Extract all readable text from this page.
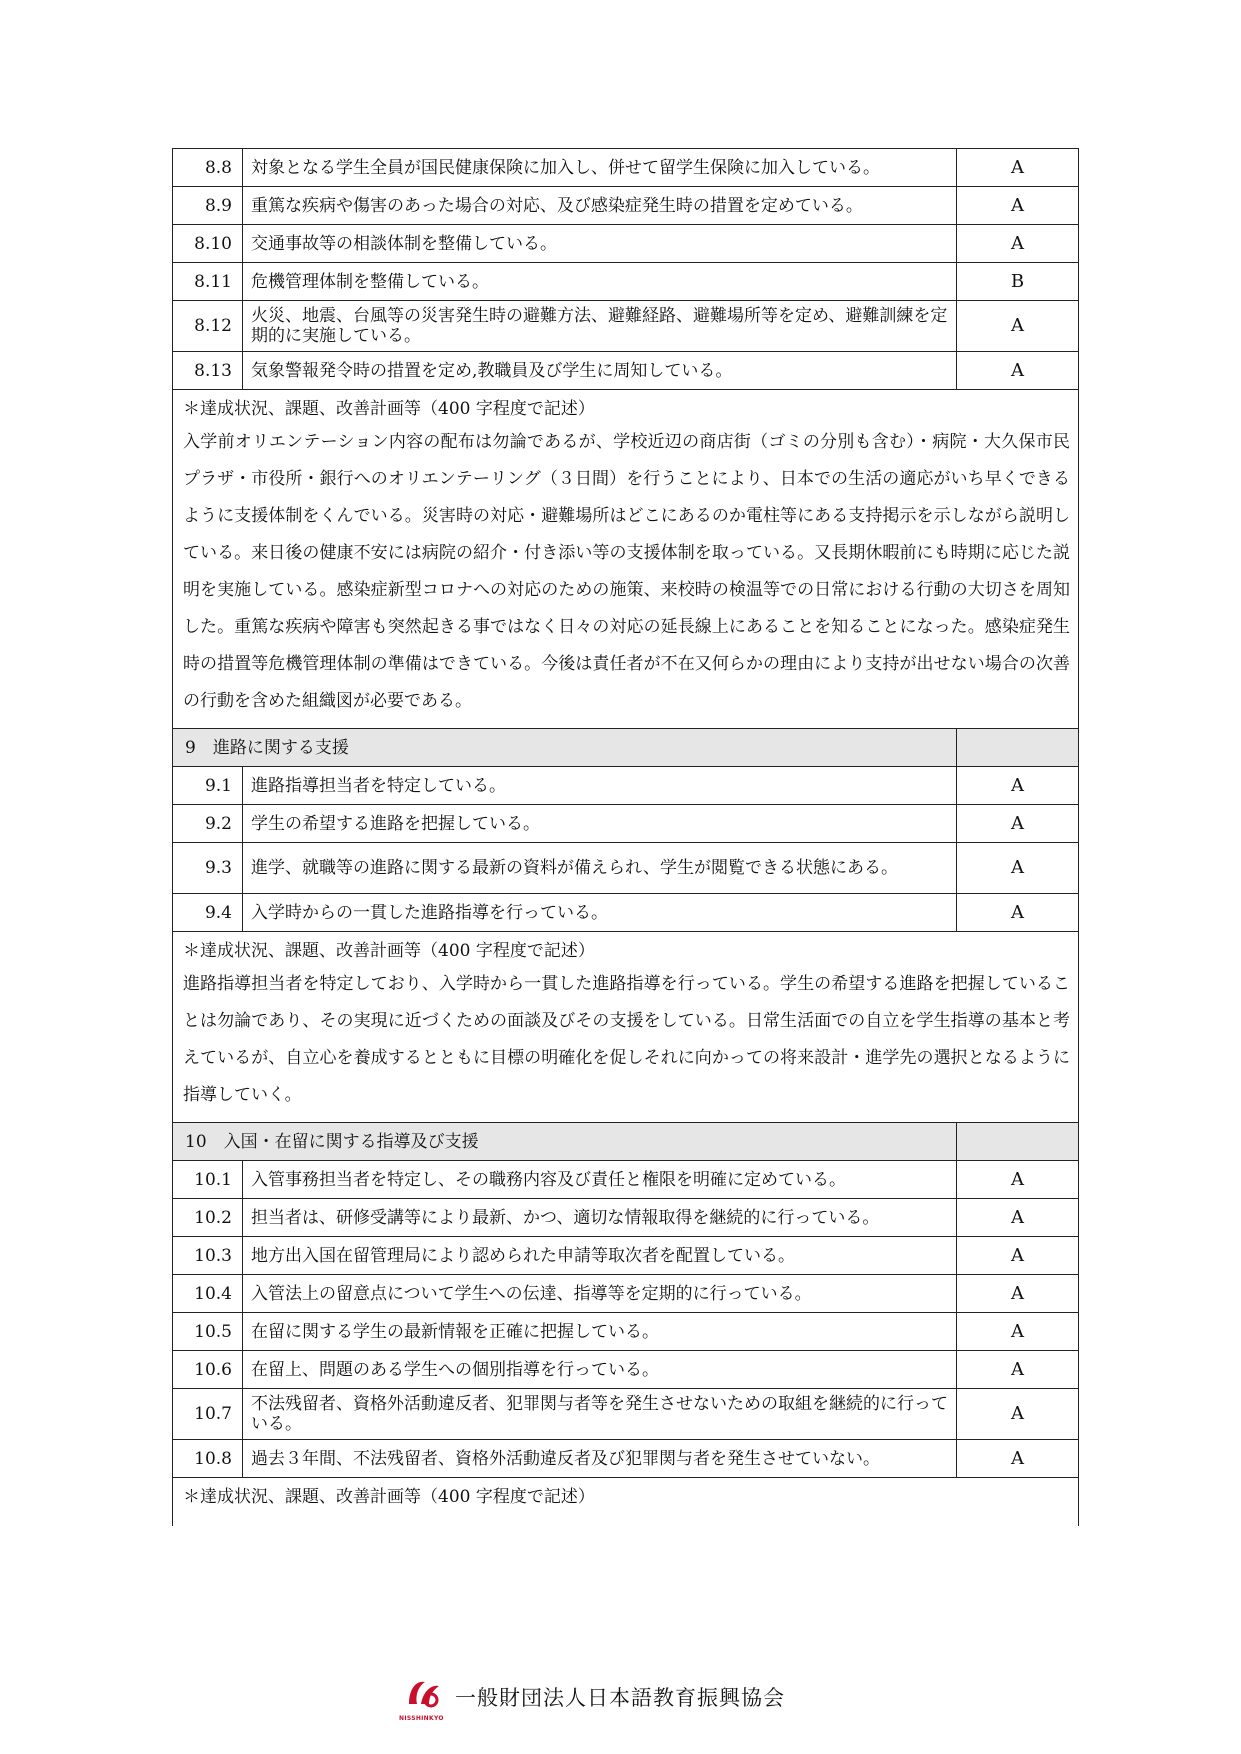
8.8	対象となる学生全員が国民健康保険に加入し、併せて留学生保険に加入している。	A
8.9	重篤な疾病や傷害のあった場合の対応、及び感染症発生時の措置を定めている。	A
8.10	交通事故等の相談体制を整備している。	A
8.11	危機管理体制を整備している。	B
8.12	火災、地震、台風等の災害発生時の避難方法、避難経路、避難場所等を定め、避難訓練を定期的に実施している。	A
8.13	気象警報発令時の措置を定め,教職員及び学生に周知している。	A

＊達成状況、課題、改善計画等（400 字程度で記述）
入学前オリエンテーション内容の配布は勿論であるが、学校近辺の商店街（ゴミの分別も含む）・病院・大久保市民プラザ・市役所・銀行へのオリエンテーリング（３日間）を行うことにより、日本での生活の適応がいち早くできるように支援体制をくんでいる。災害時の対応・避難場所はどこにあるのか電柱等にある支持掲示を示しながら説明している。来日後の健康不安には病院の紹介・付き添い等の支援体制を取っている。又長期休暇前にも時期に応じた説明を実施している。感染症新型コロナへの対応のための施策、来校時の検温等での日常における行動の大切さを周知した。重篤な疾病や障害も突然起きる事ではなく日々の対応の延長線上にあることを知ることになった。感染症発生時の措置等危機管理体制の準備はできている。今後は責任者が不在又何らかの理由により支持が出せない場合の次善の行動を含めた組織図が必要である。		

9　進路に関する支援		
9.1	進路指導担当者を特定している。	A
9.2	学生の希望する進路を把握している。	A
9.3	進学、就職等の進路に関する最新の資料が備えられ、学生が閲覧できる状態にある。	A
9.4	入学時からの一貫した進路指導を行っている。	A

＊達成状況、課題、改善計画等（400 字程度で記述）
進路指導担当者を特定しており、入学時から一貫した進路指導を行っている。学生の希望する進路を把握していることは勿論であり、その実現に近づくための面談及びその支援をしている。日常生活面での自立を学生指導の基本と考えているが、自立心を養成するとともに目標の明確化を促しそれに向かっての将来設計・進学先の選択となるように指導していく。		

10　入国・在留に関する指導及び支援		
10.1	入管事務担当者を特定し、その職務内容及び責任と権限を明確に定めている。	A
10.2	担当者は、研修受講等により最新、かつ、適切な情報取得を継続的に行っている。	A
10.3	地方出入国在留管理局により認められた申請等取次者を配置している。	A
10.4	入管法上の留意点について学生への伝達、指導等を定期的に行っている。	A
10.5	在留に関する学生の最新情報を正確に把握している。	A
10.6	在留上、問題のある学生への個別指導を行っている。	A
10.7	不法残留者、資格外活動違反者、犯罪関与者等を発生させないための取組を継続的に行っている。	A
10.8	過去３年間、不法残留者、資格外活動違反者及び犯罪関与者を発生させていない。	A

＊達成状況、課題、改善計画等（400 字程度で記述）		
NISSHINKYO
一般財団法人日本語教育振興協会
